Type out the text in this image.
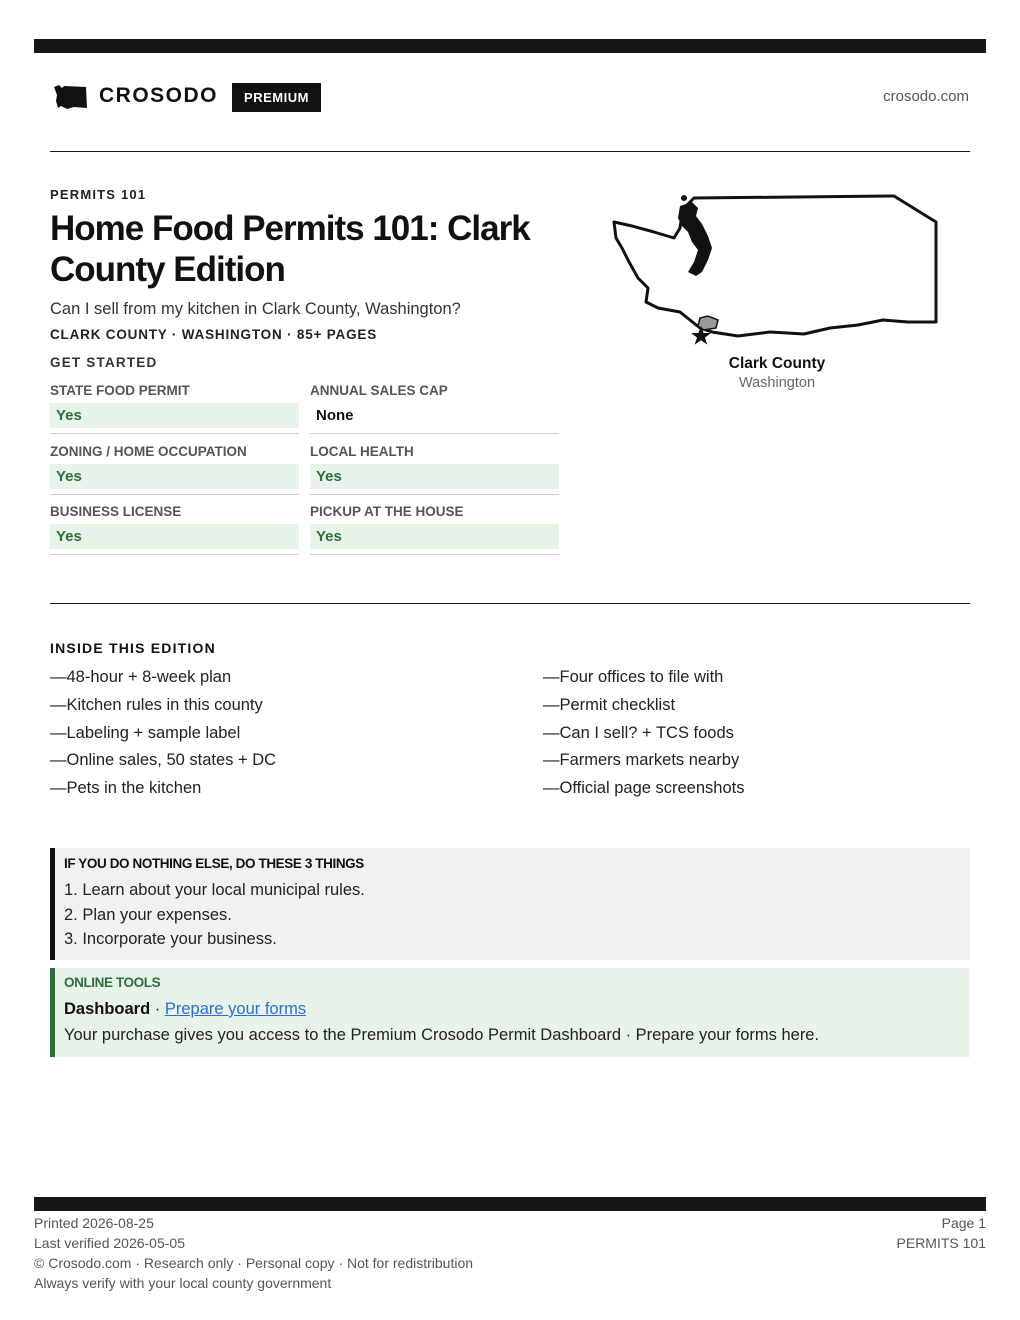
CROSODO	PREMIUM	crosodo.com
PERMITS 101
Home Food Permits 101: Clark County Edition
Can I sell from my kitchen in Clark County, Washington?
CLARK COUNTY · WASHINGTON · 85+ PAGES
GET STARTED
STATE FOOD PERMIT
Yes
ANNUAL SALES CAP
None
ZONING / HOME OCCUPATION
Yes
LOCAL HEALTH
Yes
BUSINESS LICENSE
Yes
PICKUP AT THE HOUSE
Yes
Clark County
Washington
INSIDE THIS EDITION
—48-hour + 8-week plan
—Kitchen rules in this county
—Labeling + sample label
—Online sales, 50 states + DC
—Pets in the kitchen
—Four offices to file with
—Permit checklist
—Can I sell? + TCS foods
—Farmers markets nearby
—Official page screenshots
IF YOU DO NOTHING ELSE, DO THESE 3 THINGS
1. Learn about your local municipal rules.
2. Plan your expenses.
3. Incorporate your business.
ONLINE TOOLS
Dashboard · Prepare your forms
Your purchase gives you access to the Premium Crosodo Permit Dashboard · Prepare your forms here.
Printed 2026-08-25
Last verified 2026-05-05
© Crosodo.com · Research only · Personal copy · Not for redistribution
Always verify with your local county government
Page 1
PERMITS 101
